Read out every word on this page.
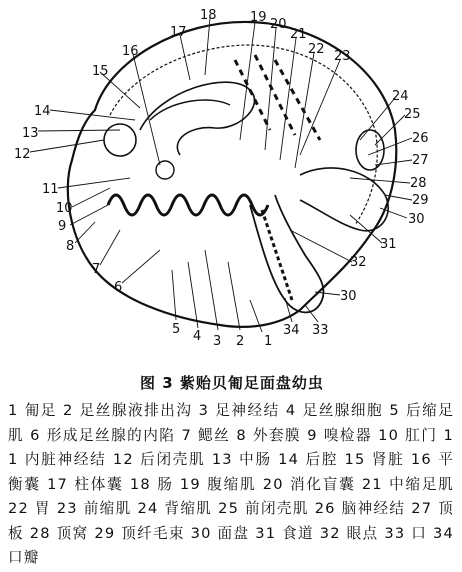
1
2
3
4
5
6
7
8
9
10
11
12
13
14
15
16
17
18	19 20
21
22 23
24
25
26
27
28
29
30
30
31
32
33
34
图 3 紫贻贝匍足面盘幼虫

1 匍足 2 足丝腺液排出沟 3 足神经结 4 足丝腺细胞 5 后缩足肌 6 形成足丝腺的内陷 7 鳃丝 8 外套膜 9 嗅检器 10 肛门 11 内脏神经结 12 后闭壳肌 13 中肠 14 后腔 15 肾脏 16 平衡囊 17 柱体囊 18 肠 19 腹缩肌 20 消化盲囊 21 中缩足肌 22 胃 23 前缩肌 24 背缩肌 25 前闭壳肌 26 脑神经结 27 顶板 28 顶窝 29 顶纤毛束 30 面盘 31 食道 32 眼点 33 口 34 口瓣
